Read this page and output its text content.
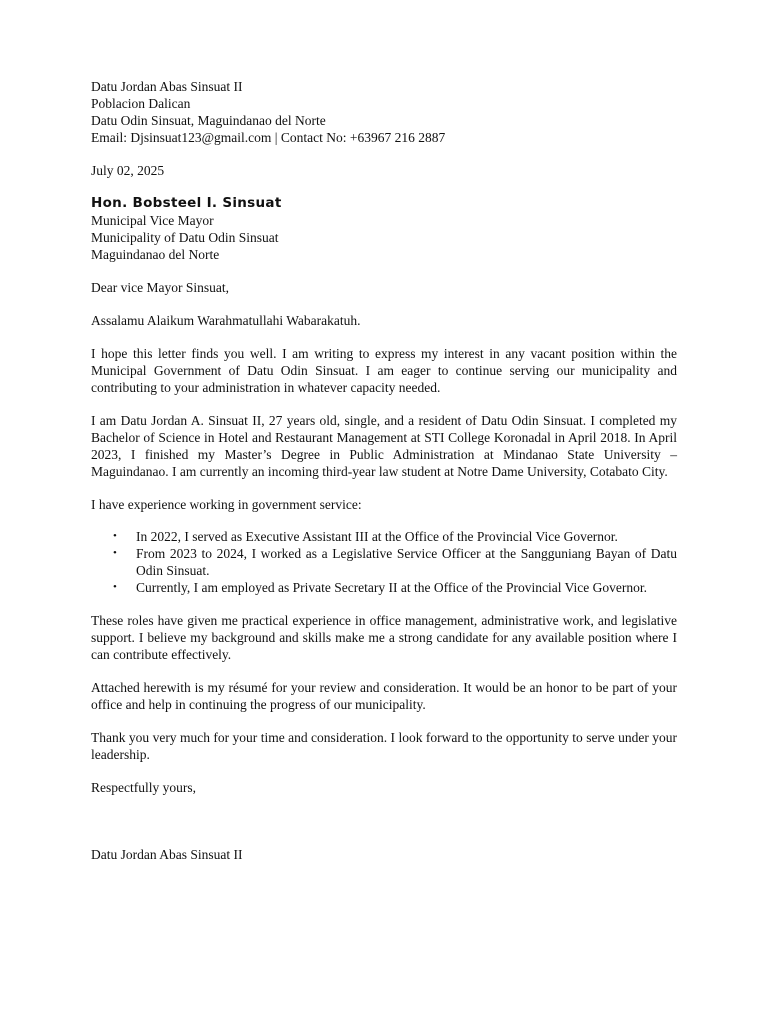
Datu Jordan Abas Sinsuat II
Poblacion Dalican
Datu Odin Sinsuat, Maguindanao del Norte
Email: Djsinsuat123@gmail.com | Contact No: +63967 216 2887
July 02, 2025
Hon. Bobsteel I. Sinsuat
Municipal Vice Mayor
Municipality of Datu Odin Sinsuat
Maguindanao del Norte
Dear vice Mayor Sinsuat,
Assalamu Alaikum Warahmatullahi Wabarakatuh.

I hope this letter finds you well. I am writing to express my interest in any vacant position within the Municipal Government of Datu Odin Sinsuat. I am eager to continue serving our municipality and contributing to your administration in whatever capacity needed.

I am Datu Jordan A. Sinsuat II, 27 years old, single, and a resident of Datu Odin Sinsuat. I completed my Bachelor of Science in Hotel and Restaurant Management at STI College Koronadal in April 2018. In April 2023, I finished my Master’s Degree in Public Administration at Mindanao State University – Maguindanao. I am currently an incoming third-year law student at Notre Dame University, Cotabato City.

I have experience working in government service:

• In 2022, I served as Executive Assistant III at the Office of the Provincial Vice Governor.
• From 2023 to 2024, I worked as a Legislative Service Officer at the Sangguniang Bayan of Datu Odin Sinsuat.
• Currently, I am employed as Private Secretary II at the Office of the Provincial Vice Governor.

These roles have given me practical experience in office management, administrative work, and legislative support. I believe my background and skills make me a strong candidate for any available position where I can contribute effectively.

Attached herewith is my résumé for your review and consideration. It would be an honor to be part of your office and help in continuing the progress of our municipality.

Thank you very much for your time and consideration. I look forward to the opportunity to serve under your leadership.

Respectfully yours,
Datu Jordan Abas Sinsuat II
